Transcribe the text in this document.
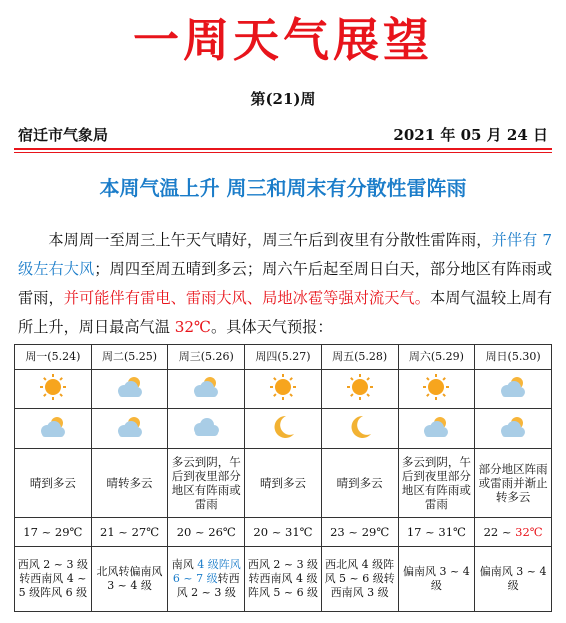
一周天气展望
第(21)周
宿迁市气象局	2021 年 05 月 24 日
本周气温上升 周三和周末有分散性雷阵雨
本周周一至周三上午天气晴好，周三午后到夜里有分散性雷阵雨，并伴有 7 级左右大风；周四至周五晴到多云；周六午后起至周日白天，部分地区有阵雨或雷雨，并可能伴有雷电、雷雨大风、局地冰雹等强对流天气。本周气温较上周有所上升，周日最高气温 32℃。具体天气预报：
周一(5.24)	周二(5.25)	周三(5.26)	周四(5.27)	周五(5.28)	周六(5.29)	周日(5.30)

晴到多云	晴转多云	多云到阴，午后到夜里部分地区有阵雨或雷雨	晴到多云	晴到多云	多云到阴，午后到夜里部分地区有阵雨或雷雨	部分地区阵雨或雷雨并渐止转多云
17 ~ 29℃	21 ~ 27℃	20 ~ 26℃	20 ~ 31℃	23 ~ 29℃	17 ~ 31℃	22 ~ 32℃
西风 2 ~ 3 级转西南风 4 ~ 5 级阵风 6 级	北风转偏南风 3 ~ 4 级	南风 4 级阵风 6 ~ 7 级转西风 2 ~ 3 级	西风 2 ~ 3 级转西南风 4 级阵风 5 ~ 6 级	西北风 4 级阵风 5 ~ 6 级转西南风 3 级	偏南风 3 ~ 4 级	偏南风 3 ~ 4 级
